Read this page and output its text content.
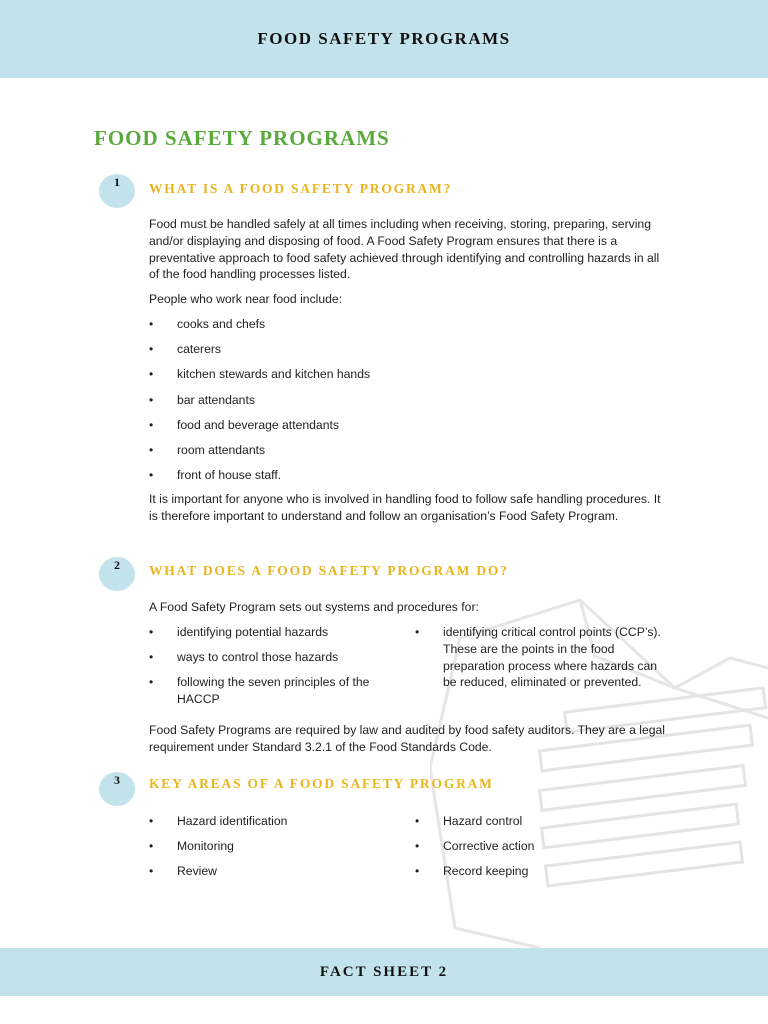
FOOD SAFETY PROGRAMS
FOOD SAFETY PROGRAMS
1	WHAT IS A FOOD SAFETY PROGRAM?
Food must be handled safely at all times including when receiving, storing, preparing, serving and/or displaying and disposing of food. A Food Safety Program ensures that there is a preventative approach to food safety achieved through identifying and controlling hazards in all of the food handling processes listed.
People who work near food include:
• cooks and chefs
• caterers
• kitchen stewards and kitchen hands
• bar attendants
• food and beverage attendants
• room attendants
• front of house staff.
It is important for anyone who is involved in handling food to follow safe handling procedures. It is therefore important to understand and follow an organisation’s Food Safety Program.
2	WHAT DOES A FOOD SAFETY PROGRAM DO?
A Food Safety Program sets out systems and procedures for:
• identifying potential hazards
• ways to control those hazards
• following the seven principles of the HACCP
• identifying critical control points (CCP’s). These are the points in the food preparation process where hazards can be reduced, eliminated or prevented.
Food Safety Programs are required by law and audited by food safety auditors. They are a legal requirement under Standard 3.2.1 of the Food Standards Code.
3	KEY AREAS OF A FOOD SAFETY PROGRAM
• Hazard identification
• Monitoring
• Review
• Hazard control
• Corrective action
• Record keeping
FACT SHEET 2
